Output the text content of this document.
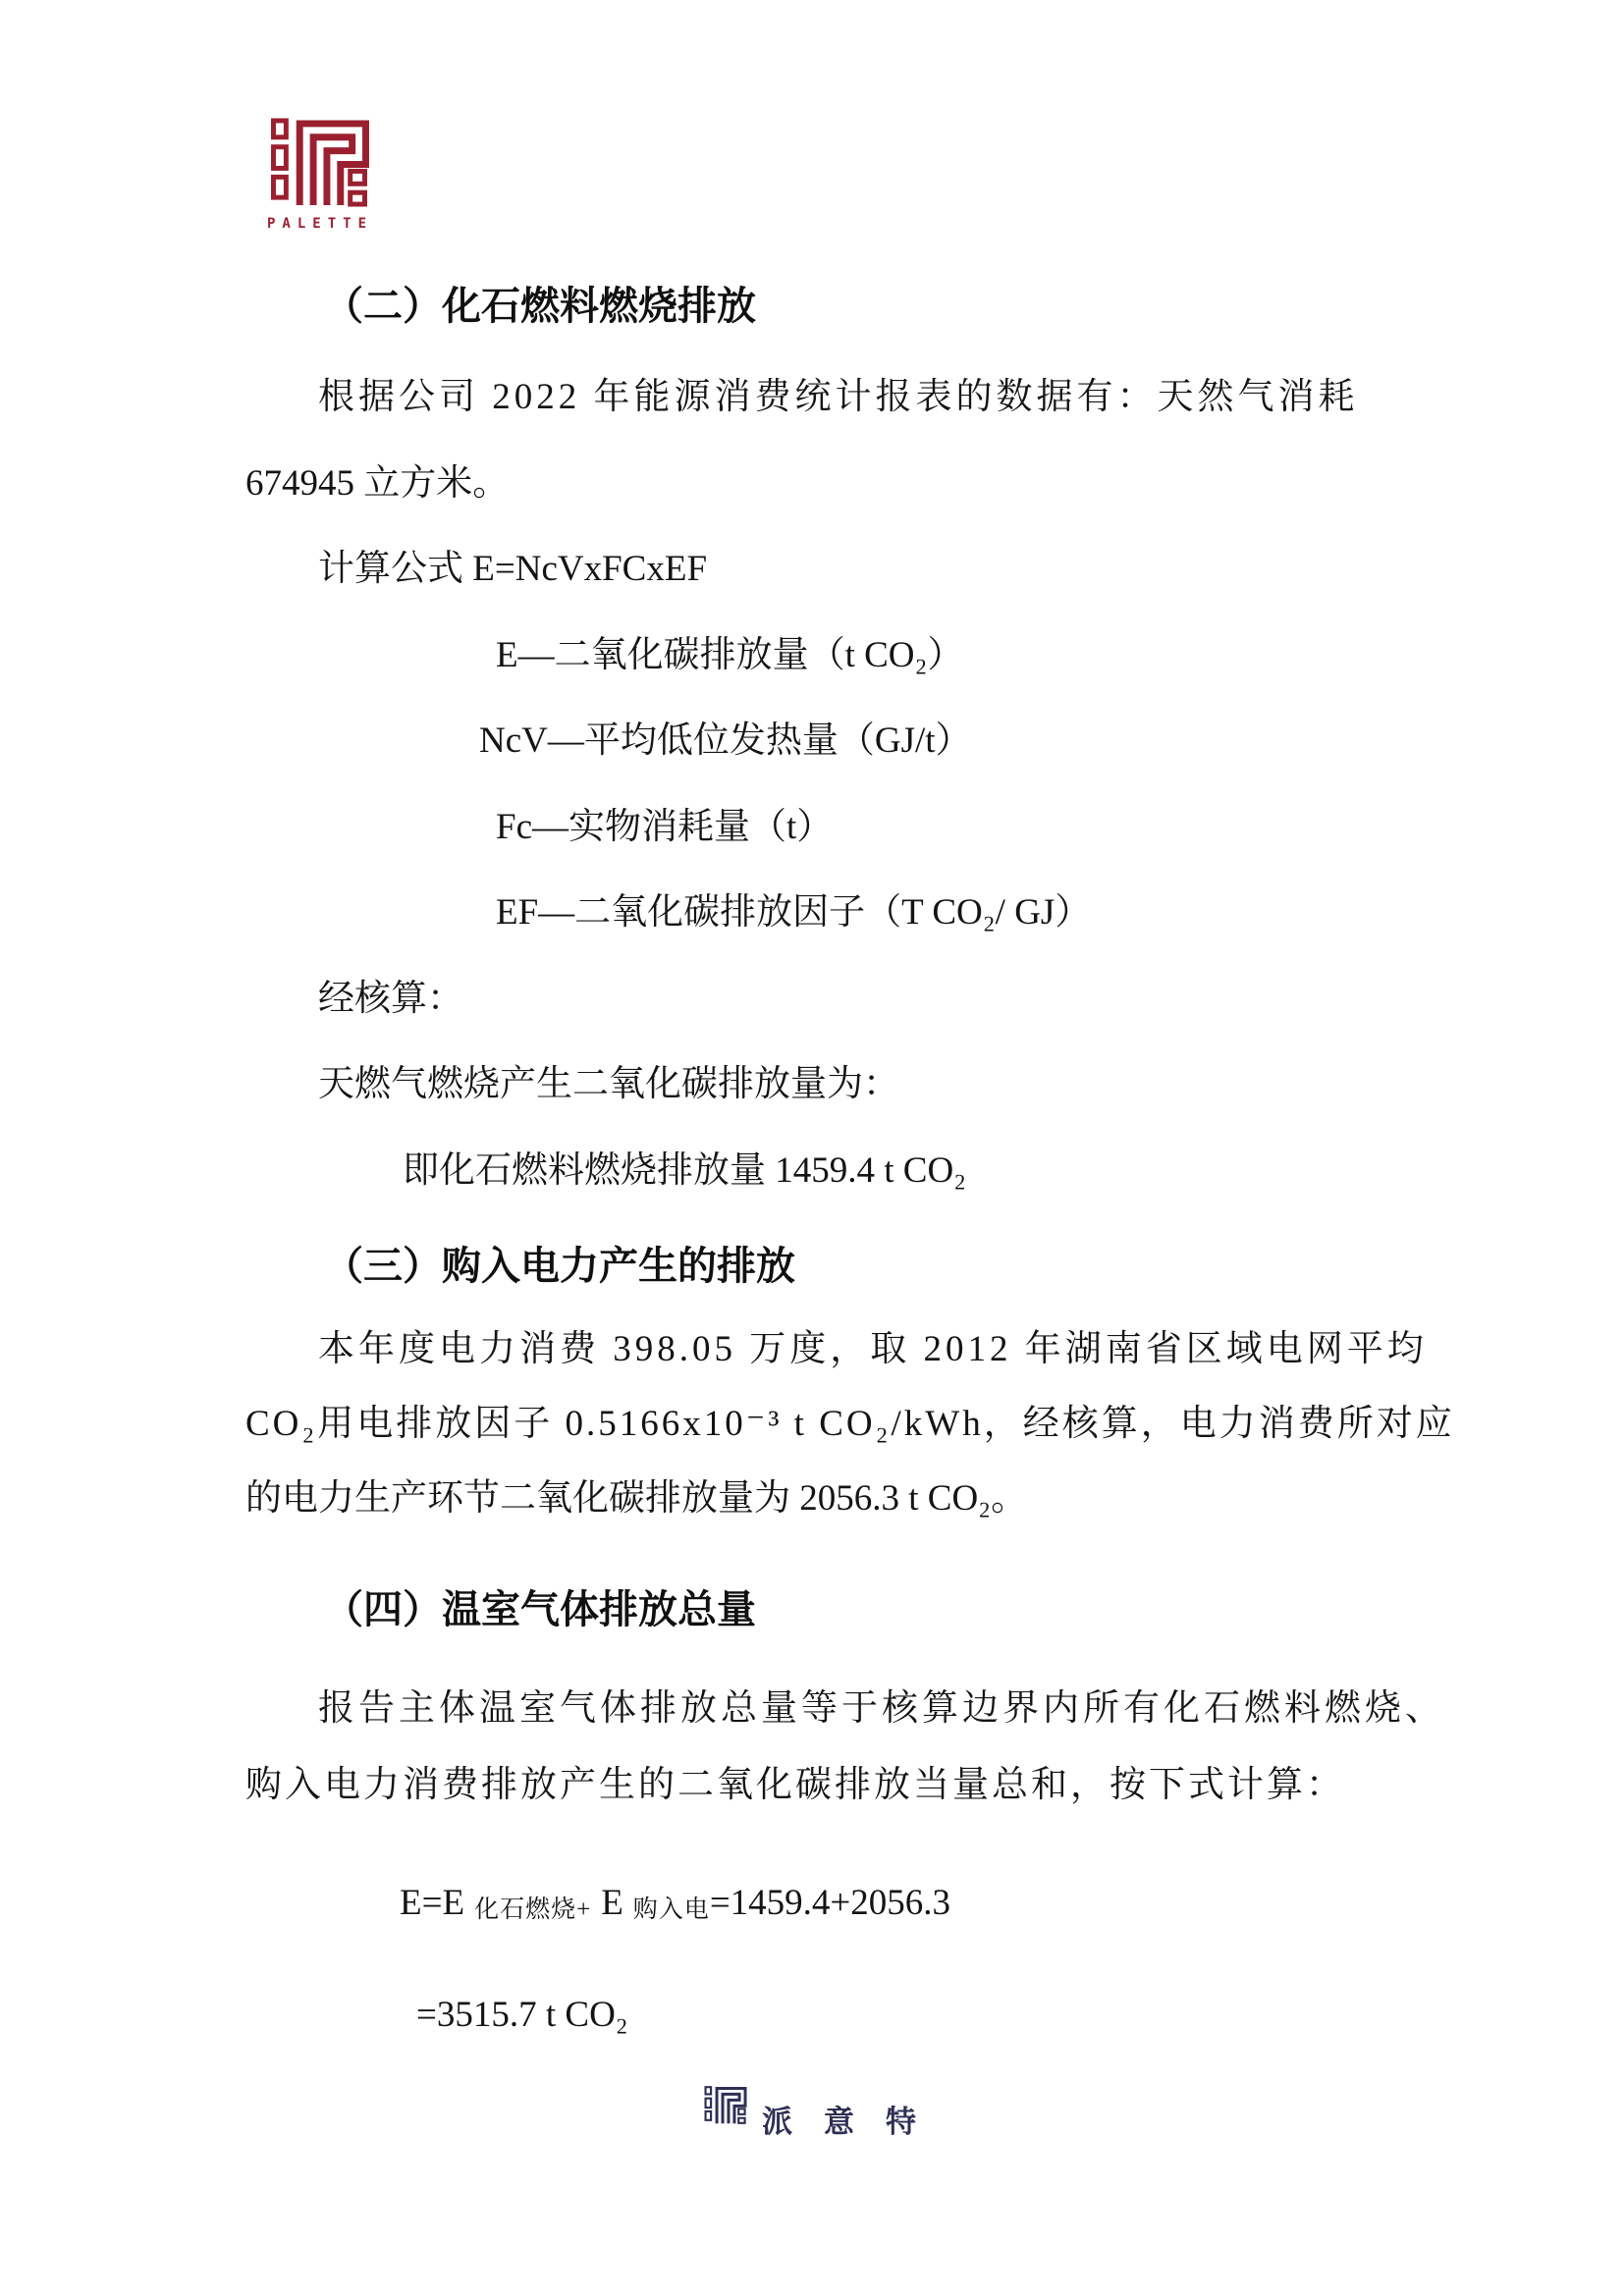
PALETTE
（二）化石燃料燃烧排放
根据公司 2022 年能源消费统计报表的数据有：天然气消耗
674945 立方米。
计算公式 E=NcVxFCxEF
E—二氧化碳排放量（t CO₂）
NcV—平均低位发热量（GJ/t）
Fc—实物消耗量（t）
EF—二氧化碳排放因子（T CO₂/ GJ）
经核算：
天燃气燃烧产生二氧化碳排放量为：
即化石燃料燃烧排放量 1459.4 t CO₂
（三）购入电力产生的排放
本年度电力消费 398.05 万度，取 2012 年湖南省区域电网平均
CO₂用电排放因子 0.5166x10⁻³ t CO₂/kWh，经核算，电力消费所对应
的电力生产环节二氧化碳排放量为 2056.3 t CO₂。
（四）温室气体排放总量
报告主体温室气体排放总量等于核算边界内所有化石燃料燃烧、
购入电力消费排放产生的二氧化碳排放当量总和，按下式计算：
E=E 化石燃烧+ E 购入电=1459.4+2056.3
=3515.7 t CO₂
派意特
